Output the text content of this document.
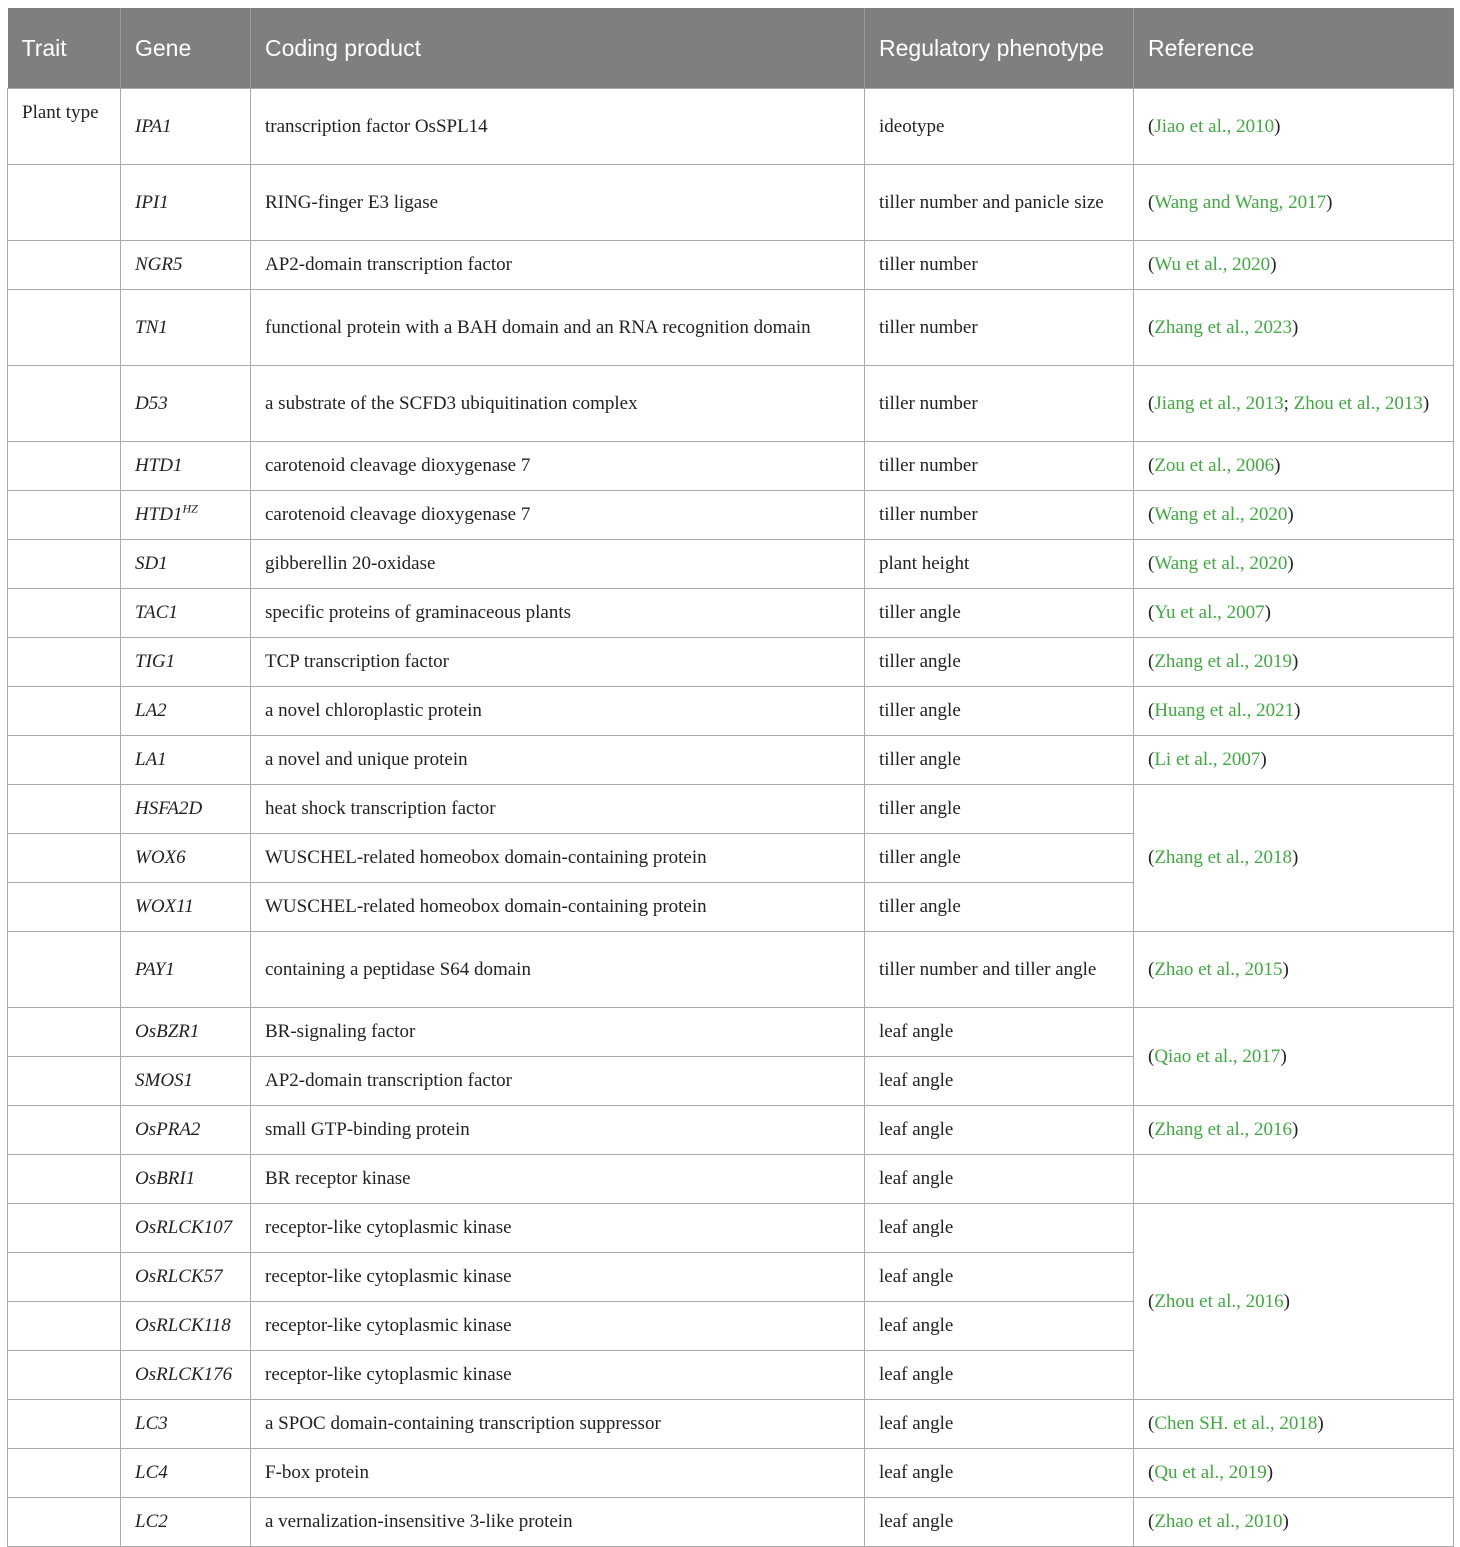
Trait	Gene	Coding product	Regulatory phenotype	Reference
Plant type	IPA1	transcription factor OsSPL14	ideotype	(Jiao et al., 2010)
	IPI1	RING-finger E3 ligase	tiller number and panicle size	(Wang and Wang, 2017)
	NGR5	AP2-domain transcription factor	tiller number	(Wu et al., 2020)
	TN1	functional protein with a BAH domain and an RNA recognition domain	tiller number	(Zhang et al., 2023)
	D53	a substrate of the SCFD3 ubiquitination complex	tiller number	(Jiang et al., 2013; Zhou et al., 2013)
	HTD1	carotenoid cleavage dioxygenase 7	tiller number	(Zou et al., 2006)
	$HTD1^{HZ}$	carotenoid cleavage dioxygenase 7	tiller number	(Wang et al., 2020)
	SD1	gibberellin 20-oxidase	plant height	(Wang et al., 2020)
	TAC1	specific proteins of graminaceous plants	tiller angle	(Yu et al., 2007)
	TIG1	TCP transcription factor	tiller angle	(Zhang et al., 2019)
	LA2	a novel chloroplastic protein	tiller angle	(Huang et al., 2021)
	LA1	a novel and unique protein	tiller angle	(Li et al., 2007)
	HSFA2D	heat shock transcription factor	tiller angle	(Zhang et al., 2018)
	WOX6	WUSCHEL-related homeobox domain-containing protein	tiller angle	
	WOX11	WUSCHEL-related homeobox domain-containing protein	tiller angle	
	PAY1	containing a peptidase S64 domain	tiller number and tiller angle	(Zhao et al., 2015)
	OsBZR1	BR-signaling factor	leaf angle	(Qiao et al., 2017)
	SMOS1	AP2-domain transcription factor	leaf angle	
	OsPRA2	small GTP-binding protein	leaf angle	(Zhang et al., 2016)
	OsBRI1	BR receptor kinase	leaf angle	
	OsRLCK107	receptor-like cytoplasmic kinase	leaf angle	(Zhou et al., 2016)
	OsRLCK57	receptor-like cytoplasmic kinase	leaf angle	
	OsRLCK118	receptor-like cytoplasmic kinase	leaf angle	
	OsRLCK176	receptor-like cytoplasmic kinase	leaf angle	
	LC3	a SPOC domain-containing transcription suppressor	leaf angle	(Chen SH. et al., 2018)
	LC4	F-box protein	leaf angle	(Qu et al., 2019)
	LC2	a vernalization-insensitive 3-like protein	leaf angle	(Zhao et al., 2010)
